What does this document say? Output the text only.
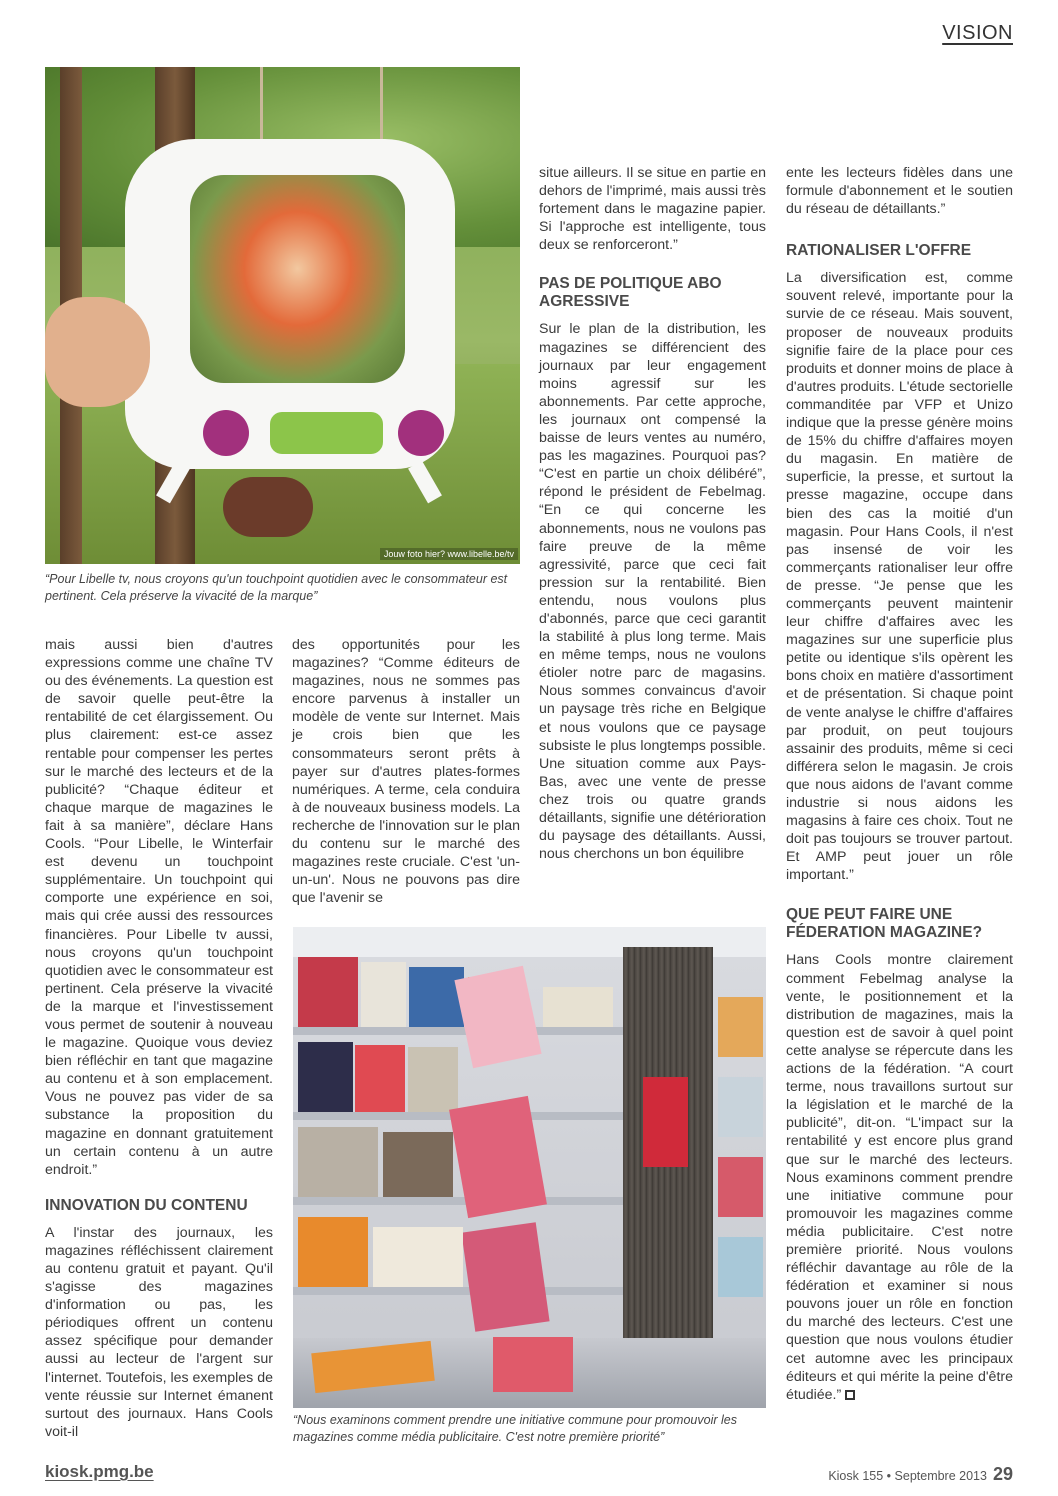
VISION
Jouw foto hier? www.libelle.be/tv
“Pour Libelle tv, nous croyons qu'un touchpoint quotidien avec le consommateur est pertinent. Cela préserve la vivacité de la marque”

mais aussi bien d'autres expressions comme une chaîne TV ou des événements. La question est de savoir quelle peut-être la rentabilité de cet élargissement. Ou plus clairement: est-ce assez rentable pour compenser les pertes sur le marché des lecteurs et de la publicité? “Chaque éditeur et chaque marque de magazines le fait à sa manière”, déclare Hans Cools. “Pour Libelle, le Winterfair est devenu un touchpoint supplémentaire. Un touchpoint qui comporte une expérience en soi, mais qui crée aussi des ressources financières. Pour Libelle tv aussi, nous croyons qu'un touchpoint quotidien avec le consommateur est pertinent. Cela préserve la vivacité de la marque et l'investissement vous permet de soutenir à nouveau le magazine. Quoique vous deviez bien réfléchir en tant que magazine au contenu et à son emplacement. Vous ne pouvez pas vider de sa substance la proposition du magazine en donnant gratuitement un certain contenu à un autre endroit.”

INNOVATION DU CONTENU

A l'instar des journaux, les magazines réfléchissent clairement au contenu gratuit et payant. Qu'il s'agisse des magazines d'information ou pas, les périodiques offrent un contenu assez spécifique pour demander aussi au lecteur de l'argent sur l'internet. Toutefois, les exemples de vente réussie sur Internet émanent surtout des journaux. Hans Cools voit-il

des opportunités pour les magazines? “Comme éditeurs de magazines, nous ne sommes pas encore parvenus à installer un modèle de vente sur Internet. Mais je crois bien que les consommateurs seront prêts à payer sur d'autres plates-formes numériques. A terme, cela conduira à de nouveaux business models. La recherche de l'innovation sur le plan du contenu sur le marché des magazines reste cruciale. C'est 'un-un-un'. Nous ne pouvons pas dire que l'avenir se

situe ailleurs. Il se situe en partie en dehors de l'imprimé, mais aussi très fortement dans le magazine papier. Si l'approche est intelligente, tous deux se renforceront.”

PAS DE POLITIQUE ABO AGRESSIVE

Sur le plan de la distribution, les magazines se différencient des journaux par leur engagement moins agressif sur les abonnements. Par cette approche, les journaux ont compensé la baisse de leurs ventes au numéro, pas les magazines. Pourquoi pas? “C'est en partie un choix délibéré”, répond le président de Febelmag. “En ce qui concerne les abonnements, nous ne voulons pas faire preuve de la même agressivité, parce que ceci fait pression sur la rentabilité. Bien entendu, nous voulons plus d'abonnés, parce que ceci garantit la stabilité à plus long terme. Mais en même temps, nous ne voulons étioler notre parc de magasins. Nous sommes convaincus d'avoir un paysage très riche en Belgique et nous voulons que ce paysage subsiste le plus longtemps possible. Une situation comme aux Pays-Bas, avec une vente de presse chez trois ou quatre grands détaillants, signifie une détérioration du paysage des détaillants. Aussi, nous cherchons un bon équilibre

ente les lecteurs fidèles dans une formule d'abonnement et le soutien du réseau de détaillants.”

RATIONALISER L'OFFRE

La diversification est, comme souvent relevé, importante pour la survie de ce réseau. Mais souvent, proposer de nouveaux produits signifie faire de la place pour ces produits et donner moins de place à d'autres produits. L'étude sectorielle commanditée par VFP et Unizo indique que la presse génère moins de 15% du chiffre d'affaires moyen du magasin. En matière de superficie, la presse, et surtout la presse magazine, occupe dans bien des cas la moitié d'un magasin. Pour Hans Cools, il n'est pas insensé de voir les commerçants rationaliser leur offre de presse. “Je pense que les commerçants peuvent maintenir leur chiffre d'affaires avec les magazines sur une superficie plus petite ou identique s'ils opèrent les bons choix en matière d'assortiment et de présentation. Si chaque point de vente analyse le chiffre d'affaires par produit, on peut toujours assainir des produits, même si ceci différera selon le magasin. Je crois que nous aidons de l'avant comme industrie si nous aidons les magasins à faire ces choix. Tout ne doit pas toujours se trouver partout. Et AMP peut jouer un rôle important.”

QUE PEUT FAIRE UNE FÉDERATION MAGAZINE?

Hans Cools montre clairement comment Febelmag analyse la vente, le positionnement et la distribution de magazines, mais la question est de savoir à quel point cette analyse se répercute dans les actions de la fédération. “A court terme, nous travaillons surtout sur la législation et le marché de la publicité”, dit-on. “L'impact sur la rentabilité y est encore plus grand que sur le marché des lecteurs. Nous examinons comment prendre une initiative commune pour promouvoir les magazines comme média publicitaire. C'est notre première priorité. Nous voulons réfléchir davantage au rôle de la fédération et examiner si nous pouvons jouer un rôle en fonction du marché des lecteurs. C'est une question que nous voulons étudier cet automne avec les principaux éditeurs et qui mérite la peine d'être étudiée.”

“Nous examinons comment prendre une initiative commune pour promouvoir les magazines comme média publicitaire. C'est notre première priorité”
kiosk.pmg.be	Kiosk 155 • Septembre 2013 29
